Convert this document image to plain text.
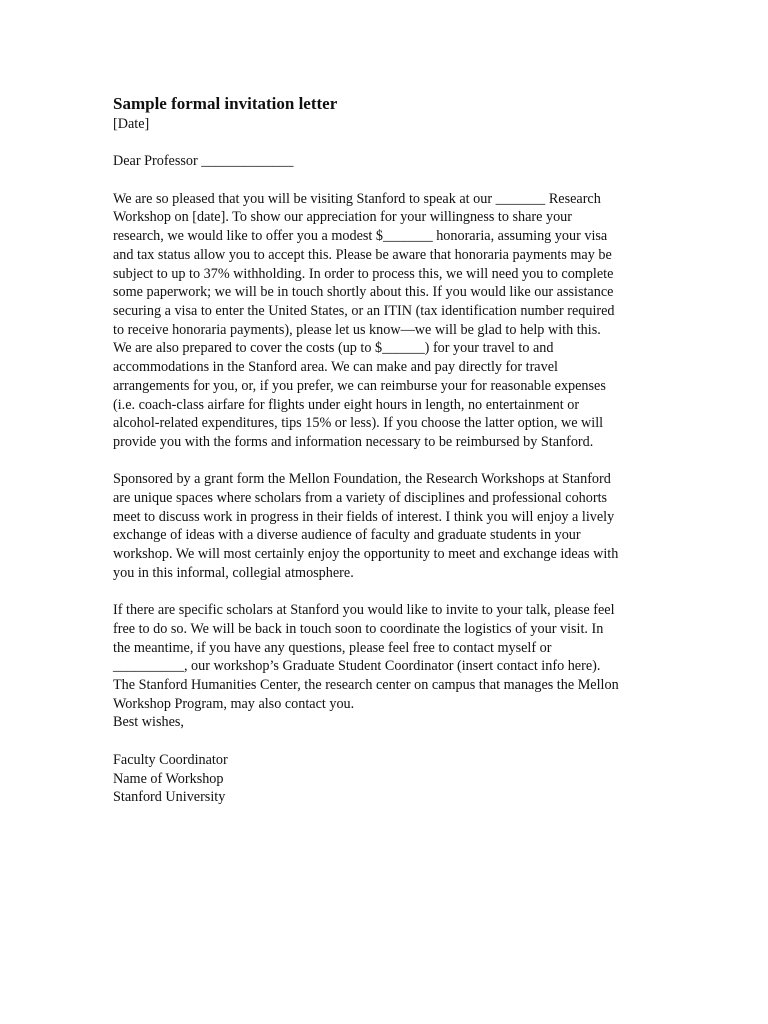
Sample formal invitation letter
[Date]
Dear Professor _____________
We are so pleased that you will be visiting Stanford to speak at our _______ Research
Workshop on [date]. To show our appreciation for your willingness to share your
research, we would like to offer you a modest $_______ honoraria, assuming your visa
and tax status allow you to accept this. Please be aware that honoraria payments may be
subject to up to 37% withholding. In order to process this, we will need you to complete
some paperwork; we will be in touch shortly about this. If you would like our assistance
securing a visa to enter the United States, or an ITIN (tax identification number required
to receive honoraria payments), please let us know—we will be glad to help with this.
We are also prepared to cover the costs (up to $______) for your travel to and
accommodations in the Stanford area. We can make and pay directly for travel
arrangements for you, or, if you prefer, we can reimburse your for reasonable expenses
(i.e. coach-class airfare for flights under eight hours in length, no entertainment or
alcohol-related expenditures, tips 15% or less). If you choose the latter option, we will
provide you with the forms and information necessary to be reimbursed by Stanford.
Sponsored by a grant form the Mellon Foundation, the Research Workshops at Stanford
are unique spaces where scholars from a variety of disciplines and professional cohorts
meet to discuss work in progress in their fields of interest. I think you will enjoy a lively
exchange of ideas with a diverse audience of faculty and graduate students in your
workshop. We will most certainly enjoy the opportunity to meet and exchange ideas with
you in this informal, collegial atmosphere.
If there are specific scholars at Stanford you would like to invite to your talk, please feel
free to do so. We will be back in touch soon to coordinate the logistics of your visit. In
the meantime, if you have any questions, please feel free to contact myself or
__________, our workshop’s Graduate Student Coordinator (insert contact info here).
The Stanford Humanities Center, the research center on campus that manages the Mellon
Workshop Program, may also contact you.
Best wishes,
Faculty Coordinator
Name of Workshop
Stanford University
